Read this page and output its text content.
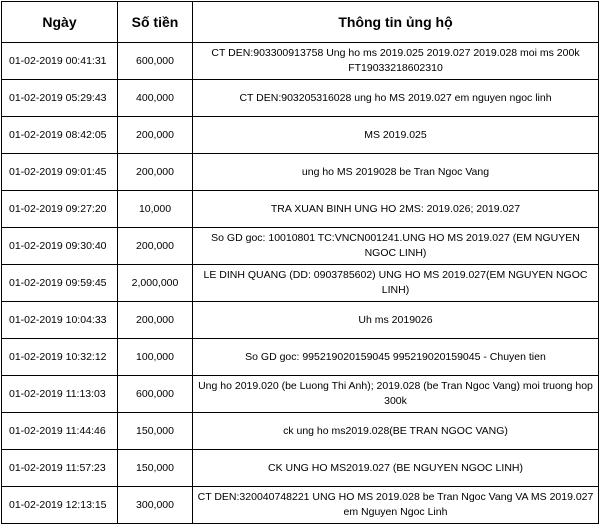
Ngày	Số tiền	Thông tin ủng hộ
01-02-2019 00:41:31	600,000	CT DEN:903300913758 Ung ho ms 2019.025 2019.027 2019.028 moi ms 200k FT19033218602310
01-02-2019 05:29:43	400,000	CT DEN:903205316028 ung ho MS 2019.027 em nguyen ngoc linh
01-02-2019 08:42:05	200,000	MS 2019.025
01-02-2019 09:01:45	200,000	ung ho MS 2019028 be Tran Ngoc Vang
01-02-2019 09:27:20	10,000	TRA XUAN BINH UNG HO 2MS: 2019.026; 2019.027
01-02-2019 09:30:40	200,000	So GD goc: 10010801 TC:VNCN001241.UNG HO MS 2019.027 (EM NGUYEN NGOC LINH)
01-02-2019 09:59:45	2,000,000	LE DINH QUANG (DD: 0903785602) UNG HO MS 2019.027(EM NGUYEN NGOC LINH)
01-02-2019 10:04:33	200,000	Uh ms 2019026
01-02-2019 10:32:12	100,000	So GD goc: 995219020159045 995219020159045 - Chuyen tien
01-02-2019 11:13:03	600,000	Ung ho 2019.020 (be Luong Thi Anh); 2019.028 (be Tran Ngoc Vang) moi truong hop 300k
01-02-2019 11:44:46	150,000	ck ung ho ms2019.028(BE TRAN NGOC VANG)
01-02-2019 11:57:23	150,000	CK UNG HO MS2019.027 (BE NGUYEN NGOC LINH)
01-02-2019 12:13:15	300,000	CT DEN:320040748221 UNG HO MS 2019.028 be Tran Ngoc Vang VA MS 2019.027 em Nguyen Ngoc Linh
